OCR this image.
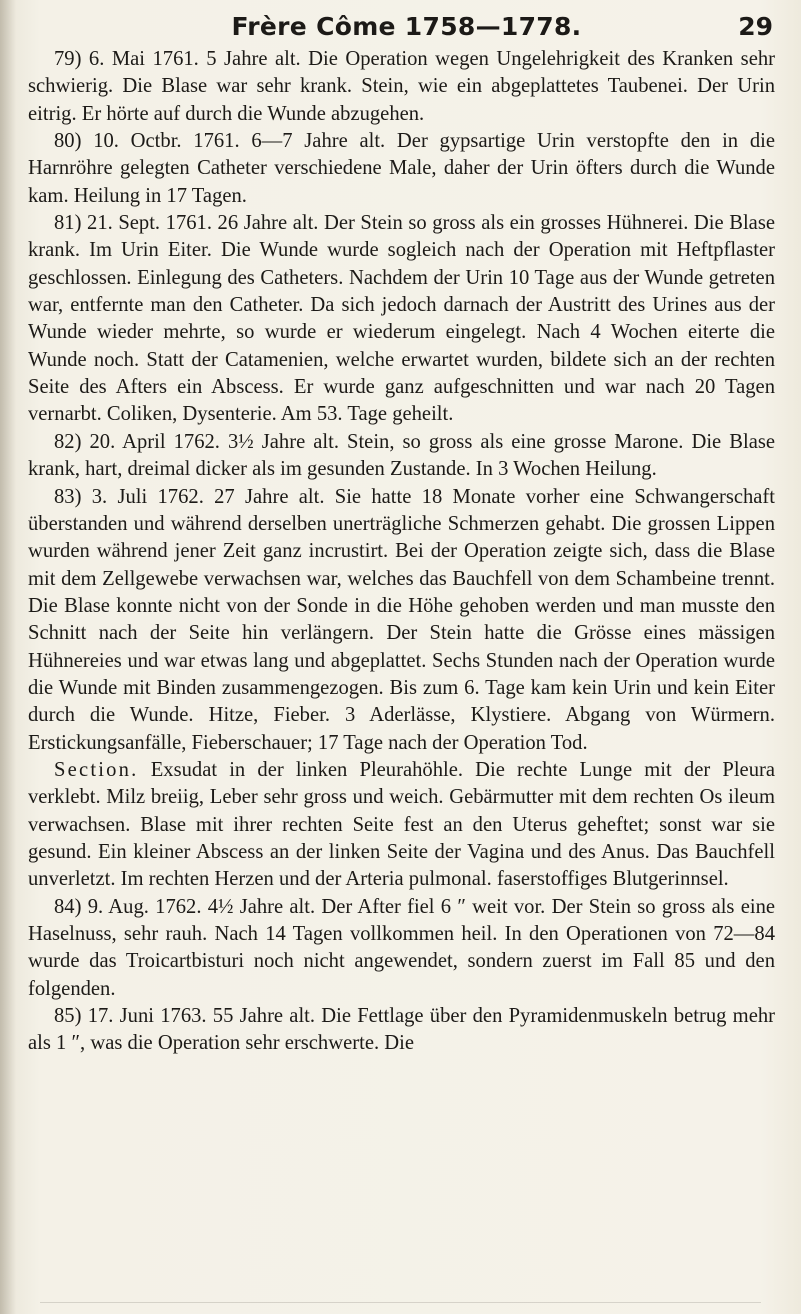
Frère Côme 1758—1778.	29

79) 6. Mai 1761. 5 Jahre alt. Die Operation wegen Ungelehrigkeit des Kranken sehr schwierig. Die Blase war sehr krank. Stein, wie ein abgeplattetes Taubenei. Der Urin eitrig. Er hörte auf durch die Wunde abzugehen.

80) 10. Octbr. 1761. 6—7 Jahre alt. Der gypsartige Urin verstopfte den in die Harnröhre gelegten Catheter verschiedene Male, daher der Urin öfters durch die Wunde kam. Heilung in 17 Tagen.

81) 21. Sept. 1761. 26 Jahre alt. Der Stein so gross als ein grosses Hühnerei. Die Blase krank. Im Urin Eiter. Die Wunde wurde sogleich nach der Operation mit Heftpflaster geschlossen. Einlegung des Catheters. Nachdem der Urin 10 Tage aus der Wunde getreten war, entfernte man den Catheter. Da sich jedoch darnach der Austritt des Urines aus der Wunde wieder mehrte, so wurde er wiederum eingelegt. Nach 4 Wochen eiterte die Wunde noch. Statt der Catamenien, welche erwartet wurden, bildete sich an der rechten Seite des Afters ein Abscess. Er wurde ganz aufgeschnitten und war nach 20 Tagen vernarbt. Coliken, Dysenterie. Am 53. Tage geheilt.

82) 20. April 1762. 3½ Jahre alt. Stein, so gross als eine grosse Marone. Die Blase krank, hart, dreimal dicker als im gesunden Zustande. In 3 Wochen Heilung.

83) 3. Juli 1762. 27 Jahre alt. Sie hatte 18 Monate vorher eine Schwangerschaft überstanden und während derselben unerträgliche Schmerzen gehabt. Die grossen Lippen wurden während jener Zeit ganz incrustirt. Bei der Operation zeigte sich, dass die Blase mit dem Zellgewebe verwachsen war, welches das Bauchfell von dem Schambeine trennt. Die Blase konnte nicht von der Sonde in die Höhe gehoben werden und man musste den Schnitt nach der Seite hin verlängern. Der Stein hatte die Grösse eines mässigen Hühnereies und war etwas lang und abgeplattet. Sechs Stunden nach der Operation wurde die Wunde mit Binden zusammengezogen. Bis zum 6. Tage kam kein Urin und kein Eiter durch die Wunde. Hitze, Fieber. 3 Aderlässe, Klystiere. Abgang von Würmern. Erstickungsanfälle, Fieberschauer; 17 Tage nach der Operation Tod.

Section. Exsudat in der linken Pleurahöhle. Die rechte Lunge mit der Pleura verklebt. Milz breiig, Leber sehr gross und weich. Gebärmutter mit dem rechten Os ileum verwachsen. Blase mit ihrer rechten Seite fest an den Uterus geheftet; sonst war sie gesund. Ein kleiner Abscess an der linken Seite der Vagina und des Anus. Das Bauchfell unverletzt. Im rechten Herzen und der Arteria pulmonal. faserstoffiges Blutgerinnsel.

84) 9. Aug. 1762. 4½ Jahre alt. Der After fiel 6 ″ weit vor. Der Stein so gross als eine Haselnuss, sehr rauh. Nach 14 Tagen vollkommen heil. In den Operationen von 72—84 wurde das Troicartbisturi noch nicht angewendet, sondern zuerst im Fall 85 und den folgenden.

85) 17. Juni 1763. 55 Jahre alt. Die Fettlage über den Pyramidenmuskeln betrug mehr als 1 ″, was die Operation sehr erschwerte. Die
